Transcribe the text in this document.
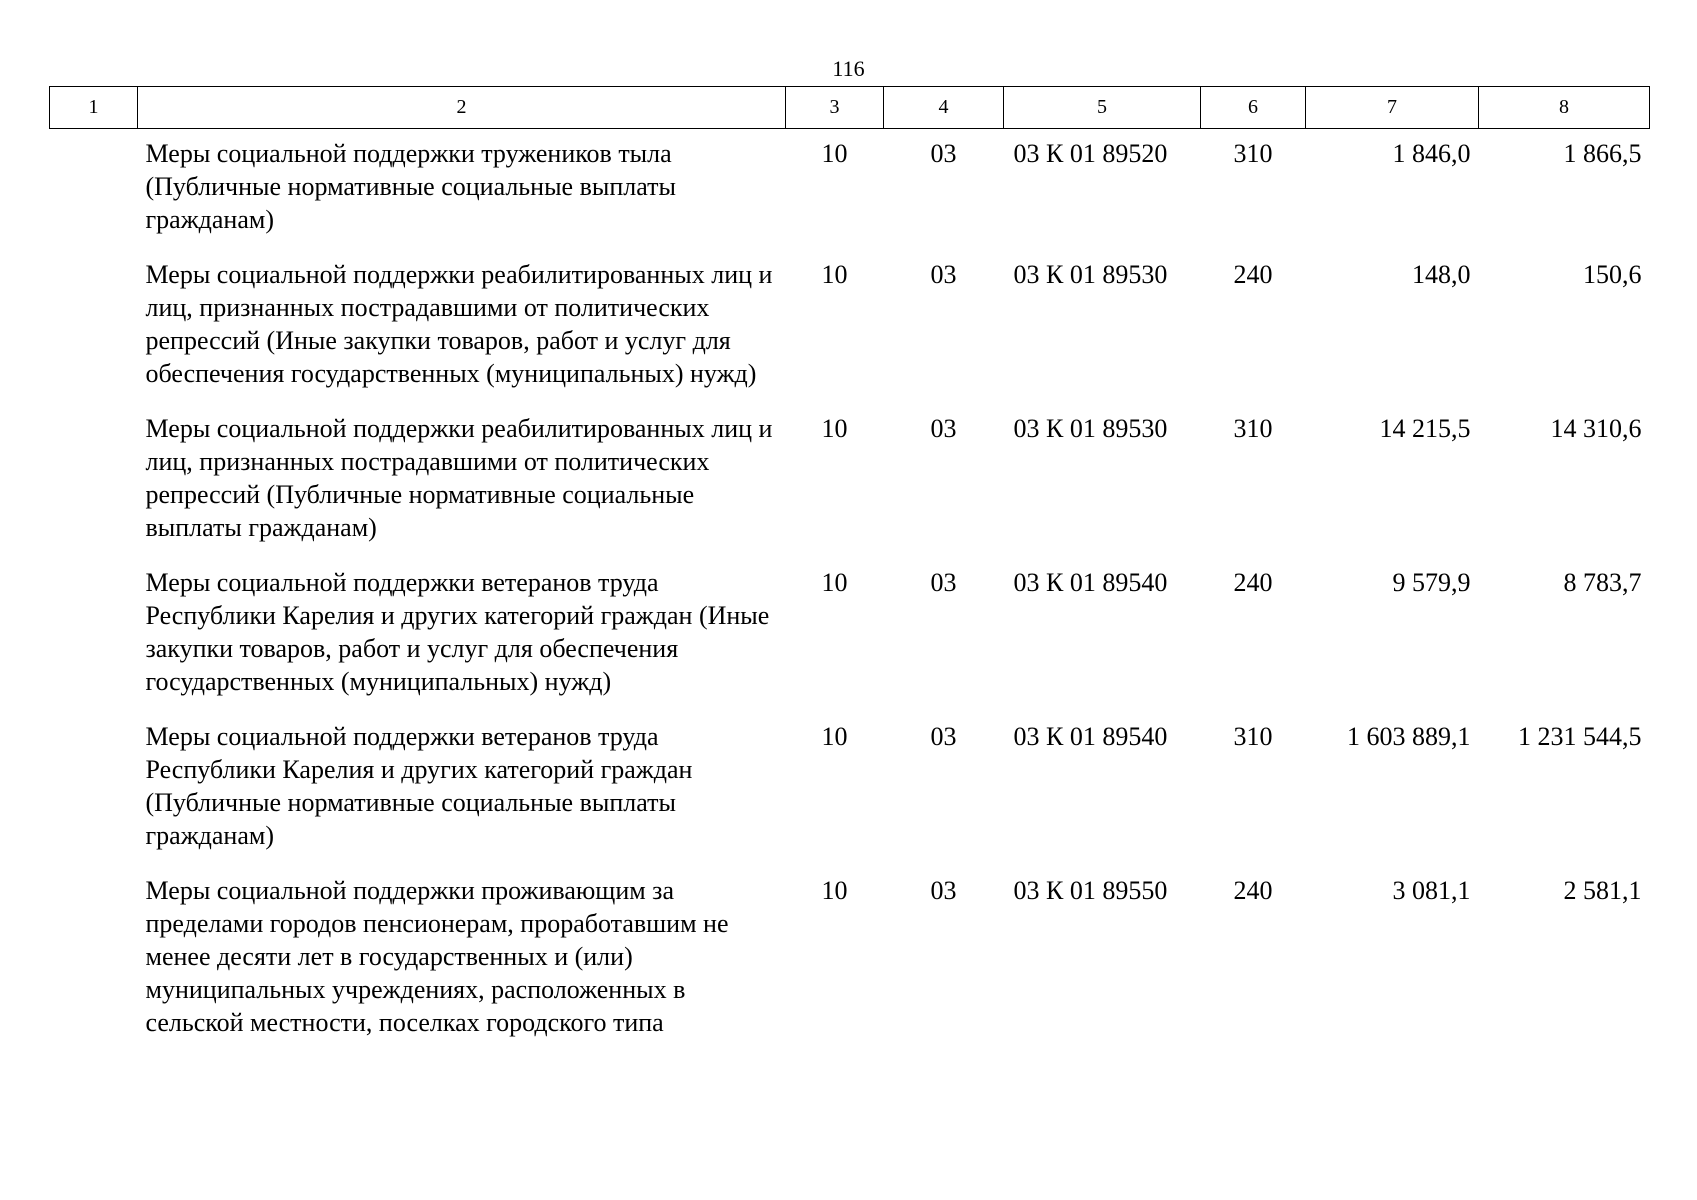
116
1	2	3	4	5	6	7	8
	Меры социальной поддержки тружеников тыла (Публичные нормативные социальные выплаты гражданам)	10	03	03 К 01 89520	310	1 846,0	1 866,5
	Меры социальной поддержки реабилитированных лиц и лиц, признанных пострадавшими от политических репрессий (Иные закупки товаров, работ и услуг для обеспечения государственных (муниципальных) нужд)	10	03	03 К 01 89530	240	148,0	150,6
	Меры социальной поддержки реабилитированных лиц и лиц, признанных пострадавшими от политических репрессий (Публичные нормативные социальные выплаты гражданам)	10	03	03 К 01 89530	310	14 215,5	14 310,6
	Меры социальной поддержки ветеранов труда Республики Карелия и других категорий граждан (Иные закупки товаров, работ и услуг для обеспечения государственных (муниципальных) нужд)	10	03	03 К 01 89540	240	9 579,9	8 783,7
	Меры социальной поддержки ветеранов труда Республики Карелия и других категорий граждан (Публичные нормативные социальные выплаты гражданам)	10	03	03 К 01 89540	310	1 603 889,1	1 231 544,5
	Меры социальной поддержки проживающим за пределами городов пенсионерам, проработавшим не менее десяти лет в государственных и (или) муниципальных учреждениях, расположенных в сельской местности, поселках городского типа	10	03	03 К 01 89550	240	3 081,1	2 581,1
